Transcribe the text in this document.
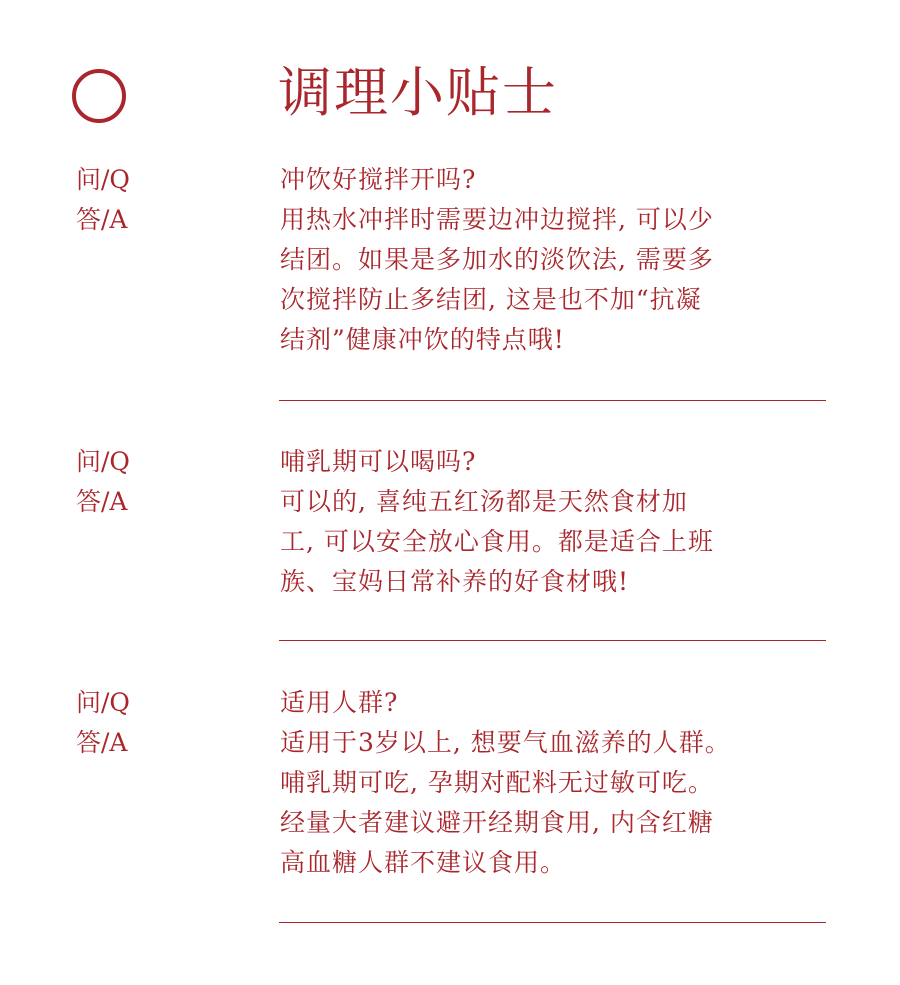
调理小贴士
问/Q
答/A
冲饮好搅拌开吗?
用热水冲拌时需要边冲边搅拌, 可以少
结团。如果是多加水的淡饮法, 需要多
次搅拌防止多结团, 这是也不加“抗凝
结剂”健康冲饮的特点哦!
问/Q
答/A
哺乳期可以喝吗?
可以的, 喜纯五红汤都是天然食材加
工, 可以安全放心食用。都是适合上班
族、宝妈日常补养的好食材哦!
问/Q
答/A
适用人群?
适用于3岁以上, 想要气血滋养的人群。
哺乳期可吃, 孕期对配料无过敏可吃。
经量大者建议避开经期食用, 内含红糖
高血糖人群不建议食用。
